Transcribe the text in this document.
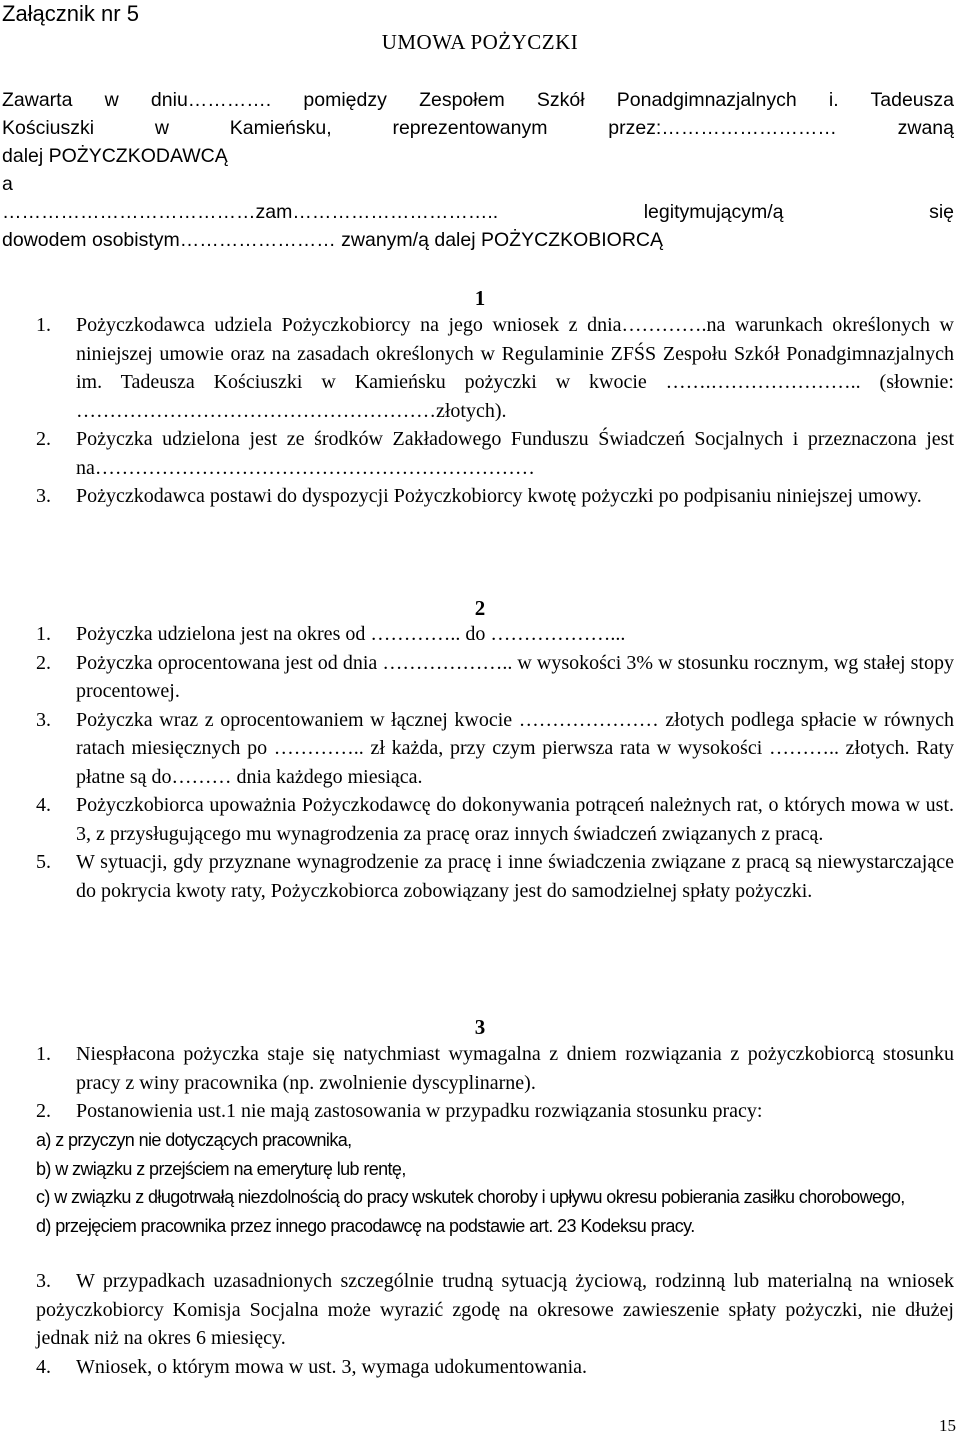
Załącznik nr 5
UMOWA POŻYCZKI

Zawarta w dniu…………. pomiędzy Zespołem Szkół Ponadgimnazjalnych i. Tadeusza

Kościuszki w Kamieńsku, reprezentowanym przez:……………………… zwaną

dalej POŻYCZKODAWCĄ

a

…………………………………zam………………………….. legitymującym/ą się

dowodem osobistym…………………… zwanym/ą dalej POŻYCZKOBIORCĄ

1
1. Pożyczkodawca udziela Pożyczkobiorcy na jego wniosek z dnia………….na warunkach określonych w niniejszej umowie oraz na zasadach określonych w Regulaminie ZFŚS Zespołu Szkół Ponadgimnazjalnych im. Tadeusza Kościuszki w Kamieńsku pożyczki w kwocie …….………………….. (słownie: ………………………………………………złotych).
2. Pożyczka udzielona jest ze środków Zakładowego Funduszu Świadczeń Socjalnych i przeznaczona jest na…………………………………………………………
3. Pożyczkodawca postawi do dyspozycji Pożyczkobiorcy kwotę pożyczki po podpisaniu niniejszej umowy.
2
1. Pożyczka udzielona jest na okres od ………….. do ………………...
2. Pożyczka oprocentowana jest od dnia ……………….. w wysokości 3% w stosunku rocznym, wg stałej stopy procentowej.
3. Pożyczka wraz z oprocentowaniem w łącznej kwocie ………………… złotych podlega spłacie w równych ratach miesięcznych po ………….. zł każda, przy czym pierwsza rata w wysokości ……….. złotych. Raty płatne są do……… dnia każdego miesiąca.
4. Pożyczkobiorca upoważnia Pożyczkodawcę do dokonywania potrąceń należnych rat, o których mowa w ust. 3, z przysługującego mu wynagrodzenia za pracę oraz innych świadczeń związanych z pracą.
5. W sytuacji, gdy przyznane wynagrodzenie za pracę i inne świadczenia związane z pracą są niewystarczające do pokrycia kwoty raty, Pożyczkobiorca zobowiązany jest do samodzielnej spłaty pożyczki.
3
1. Niespłacona pożyczka staje się natychmiast wymagalna z dniem rozwiązania z pożyczkobiorcą stosunku pracy z winy pracownika (np. zwolnienie dyscyplinarne).
2. Postanowienia ust.1 nie mają zastosowania w przypadku rozwiązania stosunku pracy:

a) z przyczyn nie dotyczących pracownika,

b) w związku z przejściem na emeryturę lub rentę,

c) w związku z długotrwałą niezdolnością do pracy wskutek choroby i upływu okresu pobierania zasiłku chorobowego,

d) przejęciem pracownika przez innego pracodawcę na podstawie art. 23 Kodeksu pracy.

3. W przypadkach uzasadnionych szczególnie trudną sytuacją życiową, rodzinną lub materialną na wniosek pożyczkobiorcy Komisja Socjalna może wyrazić zgodę na okresowe zawieszenie spłaty pożyczki, nie dłużej jednak niż na okres 6 miesięcy.
4. Wniosek, o którym mowa w ust. 3, wymaga udokumentowania.
15
